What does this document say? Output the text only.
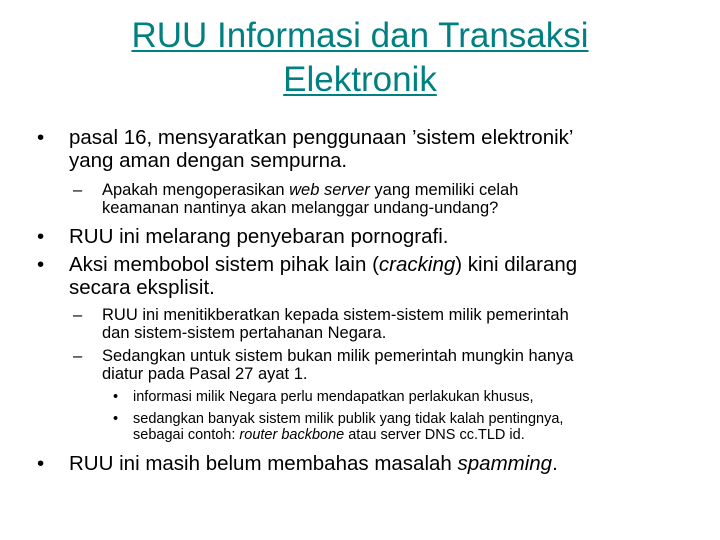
RUU Informasi dan Transaksi
Elektronik
• pasal 16, mensyaratkan penggunaan ’sistem elektronik’
yang aman dengan sempurna.
– Apakah mengoperasikan web server yang memiliki celah
keamanan nantinya akan melanggar undang-undang?
• RUU ini melarang penyebaran pornografi.
• Aksi membobol sistem pihak lain (cracking) kini dilarang
secara eksplisit.
– RUU ini menitikberatkan kepada sistem-sistem milik pemerintah
dan sistem-sistem pertahanan Negara.
– Sedangkan untuk sistem bukan milik pemerintah mungkin hanya
diatur pada Pasal 27 ayat 1.
• informasi milik Negara perlu mendapatkan perlakukan khusus,
• sedangkan banyak sistem milik publik yang tidak kalah pentingnya,
sebagai contoh: router backbone atau server DNS cc.TLD id.
• RUU ini masih belum membahas masalah spamming.
